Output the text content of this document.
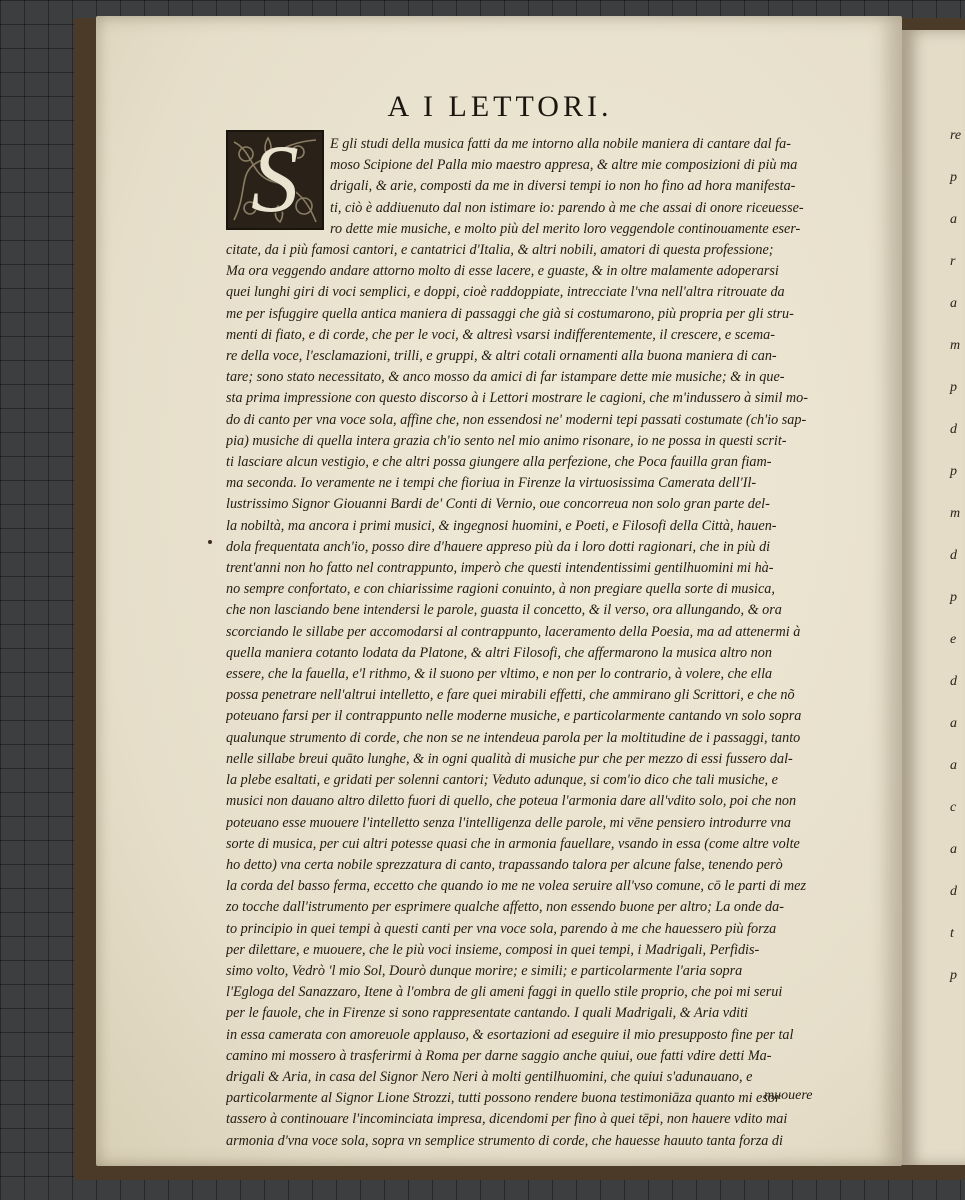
re
p
a
r
a
m
p
d
p
m
d
p
e
d
a
a
c
a
d
t
p
A I LETTORI.
S	E gli studi della musica fatti da me intorno alla nobile maniera di cantare dal fa-
moso Scipione del Palla mio maestro appresa, & altre mie composizioni di più ma
drigali, & arie, composti da me in diversi tempi io non ho fino ad hora manifesta-
ti, ciò è addiuenuto dal non istimare io: parendo à me che assai di onore riceuesse-
ro dette mie musiche, e molto più del merito loro veggendole continouamente eser-
citate, da i più famosi cantori, e cantatrici d'Italia, & altri nobili, amatori di questa professione;
Ma ora veggendo andare attorno molto di esse lacere, e guaste, & in oltre malamente adoperarsi
quei lunghi giri di voci semplici, e doppi, cioè raddoppiate, intrecciate l'vna nell'altra ritrouate da
me per isfuggire quella antica maniera di passaggi che già si costumarono, più propria per gli stru-
menti di fiato, e di corde, che per le voci, & altresì vsarsi indifferentemente, il crescere, e scema-
re della voce, l'esclamazioni, trilli, e gruppi, & altri cotali ornamenti alla buona maniera di can-
tare; sono stato necessitato, & anco mosso da amici di far istampare dette mie musiche; & in que-
sta prima impressione con questo discorso à i Lettori mostrare le cagioni, che m'indussero à simil mo-
do di canto per vna voce sola, affine che, non essendosi ne' moderni tepi passati costumate (ch'io sap-
pia) musiche di quella intera grazia ch'io sento nel mio animo risonare, io ne possa in questi scrit-
ti lasciare alcun vestigio, e che altri possa giungere alla perfezione, che Poca fauilla gran fiam-
ma seconda. Io veramente ne i tempi che fioriua in Firenze la virtuosissima Camerata dell'Il-
lustrissimo Signor Giouanni Bardi de' Conti di Vernio, oue concorreua non solo gran parte del-
la nobiltà, ma ancora i primi musici, & ingegnosi huomini, e Poeti, e Filosofi della Città, hauen-
dola frequentata anch'io, posso dire d'hauere appreso più da i loro dotti ragionari, che in più di
trent'anni non ho fatto nel contrappunto, imperò che questi intendentissimi gentilhuomini mi hà-
no sempre confortato, e con chiarissime ragioni conuinto, à non pregiare quella sorte di musica,
che non lasciando bene intendersi le parole, guasta il concetto, & il verso, ora allungando, & ora
scorciando le sillabe per accomodarsi al contrappunto, laceramento della Poesia, ma ad attenermi à
quella maniera cotanto lodata da Platone, & altri Filosofi, che affermarono la musica altro non
essere, che la fauella, e'l rithmo, & il suono per vltimo, e non per lo contrario, à volere, che ella
possa penetrare nell'altrui intelletto, e fare quei mirabili effetti, che ammirano gli Scrittori, e che nõ
poteuano farsi per il contrappunto nelle moderne musiche, e particolarmente cantando vn solo sopra
qualunque strumento di corde, che non se ne intendeua parola per la moltitudine de i passaggi, tanto
nelle sillabe breui quāto lunghe, & in ogni qualità di musiche pur che per mezzo di essi fussero dal-
la plebe esaltati, e gridati per solenni cantori; Veduto adunque, si com'io dico che tali musiche, e
musici non dauano altro diletto fuori di quello, che poteua l'armonia dare all'vdito solo, poi che non
poteuano esse muouere l'intelletto senza l'intelligenza delle parole, mi vēne pensiero introdurre vna
sorte di musica, per cui altri potesse quasi che in armonia fauellare, vsando in essa (come altre volte
ho detto) vna certa nobile sprezzatura di canto, trapassando talora per alcune false, tenendo però
la corda del basso ferma, eccetto che quando io me ne volea seruire all'vso comune, cō le parti di mez
zo tocche dall'istrumento per esprimere qualche affetto, non essendo buone per altro; La onde da-
to principio in quei tempi à questi canti per vna voce sola, parendo à me che hauessero più forza
per dilettare, e muouere, che le più voci insieme, composi in quei tempi, i Madrigali, Perfidis-
simo volto, Vedrò 'l mio Sol, Dourò dunque morire; e simili; e particolarmente l'aria sopra
l'Egloga del Sanazzaro, Itene à l'ombra de gli ameni faggi in quello stile proprio, che poi mi serui
per le fauole, che in Firenze si sono rappresentate cantando. I quali Madrigali, & Aria vditi
in essa camerata con amoreuole applauso, & esortazioni ad eseguire il mio presupposto fine per tal
camino mi mossero à trasferirmi à Roma per darne saggio anche quiui, oue fatti vdire detti Ma-
drigali & Aria, in casa del Signor Nero Neri à molti gentilhuomini, che quiui s'adunauano, e
particolarmente al Signor Lione Strozzi, tutti possono rendere buona testimoniāza quanto mi esor
tassero à continouare l'incominciata impresa, dicendomi per fino à quei tēpi, non hauere vdito mai
armonia d'vna voce sola, sopra vn semplice strumento di corde, che hauesse hauuto tanta forza di
muouere
